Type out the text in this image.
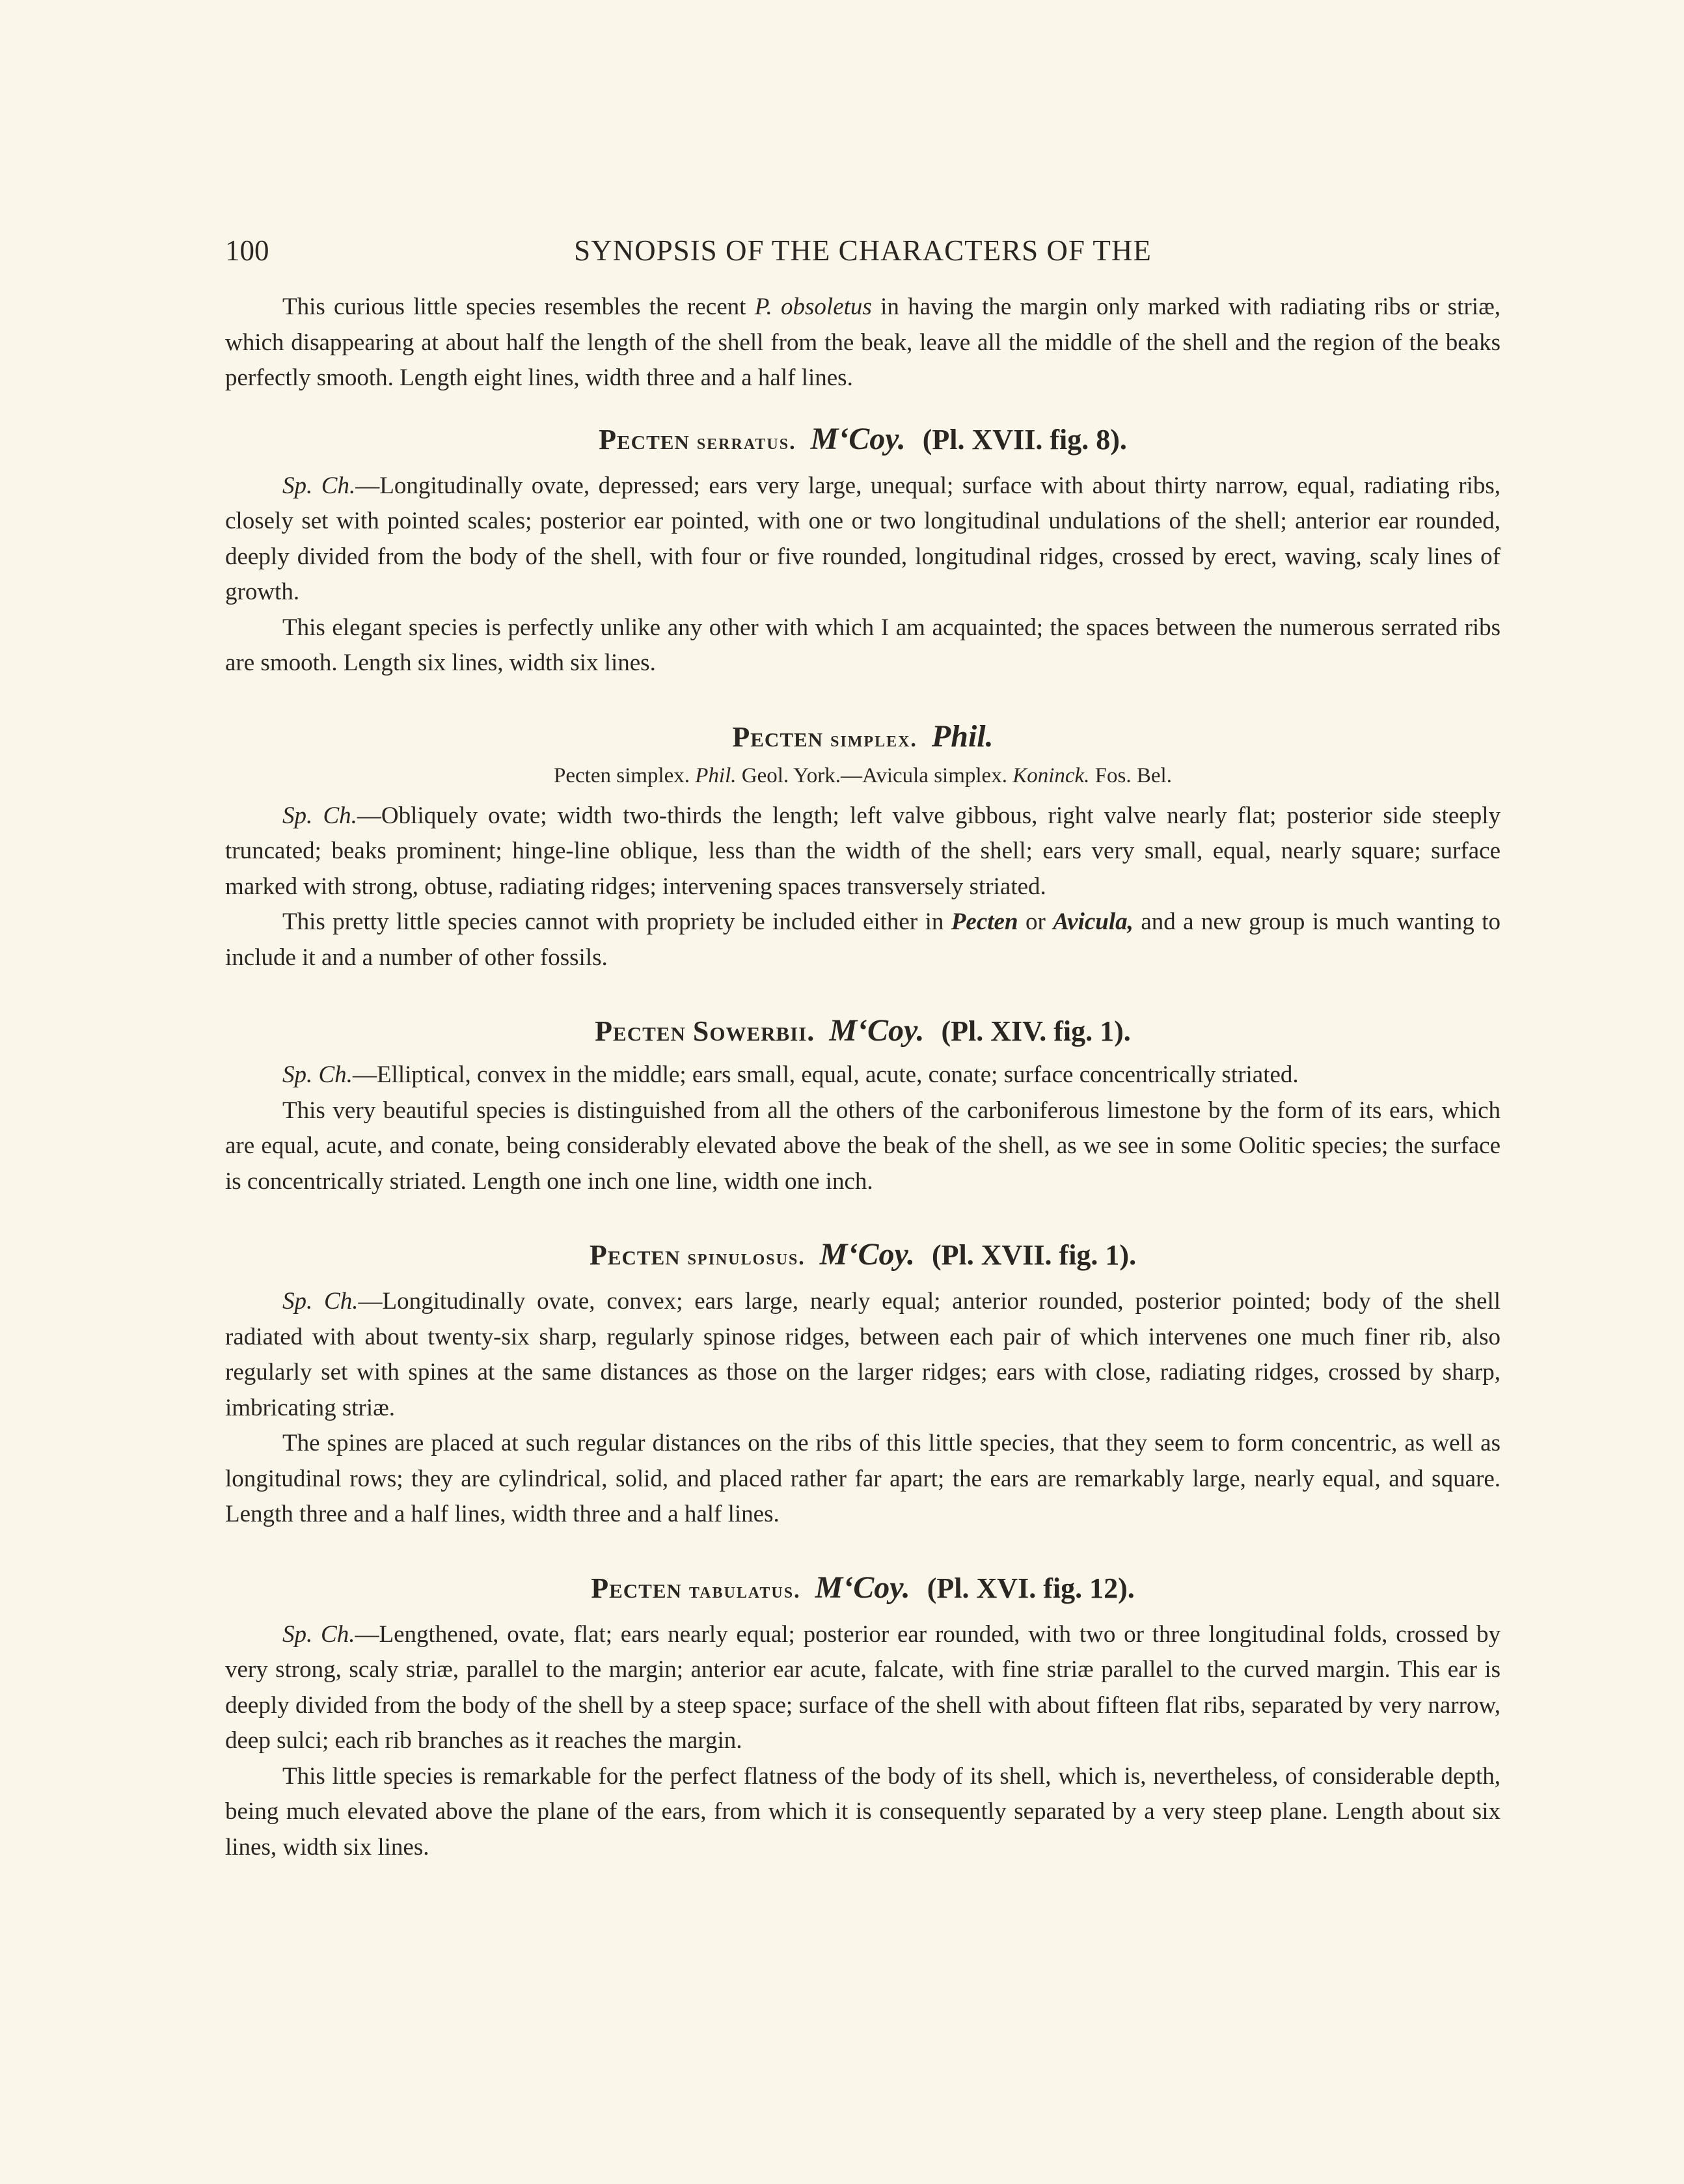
100	SYNOPSIS OF THE CHARACTERS OF THE

This curious little species resembles the recent P. obsoletus in having the margin only marked with radiating ribs or striæ, which disappearing at about half the length of the shell from the beak, leave all the middle of the shell and the region of the beaks perfectly smooth. Length eight lines, width three and a half lines.

Pecten serratus. M‘Coy. (Pl. XVII. fig. 8).

Sp. Ch.—Longitudinally ovate, depressed; ears very large, unequal; surface with about thirty narrow, equal, radiating ribs, closely set with pointed scales; posterior ear pointed, with one or two longitudinal undulations of the shell; anterior ear rounded, deeply divided from the body of the shell, with four or five rounded, longitudinal ridges, crossed by erect, waving, scaly lines of growth.

This elegant species is perfectly unlike any other with which I am acquainted; the spaces between the numerous serrated ribs are smooth. Length six lines, width six lines.

Pecten simplex. Phil.

Pecten simplex. Phil. Geol. York.—Avicula simplex. Koninck. Fos. Bel.

Sp. Ch.—Obliquely ovate; width two-thirds the length; left valve gibbous, right valve nearly flat; posterior side steeply truncated; beaks prominent; hinge-line oblique, less than the width of the shell; ears very small, equal, nearly square; surface marked with strong, obtuse, radiating ridges; intervening spaces transversely striated.

This pretty little species cannot with propriety be included either in Pecten or Avicula, and a new group is much wanting to include it and a number of other fossils.

Pecten Sowerbii. M‘Coy. (Pl. XIV. fig. 1).

Sp. Ch.—Elliptical, convex in the middle; ears small, equal, acute, conate; surface concentrically striated.

This very beautiful species is distinguished from all the others of the carboniferous limestone by the form of its ears, which are equal, acute, and conate, being considerably elevated above the beak of the shell, as we see in some Oolitic species; the surface is concentrically striated. Length one inch one line, width one inch.

Pecten spinulosus. M‘Coy. (Pl. XVII. fig. 1).

Sp. Ch.—Longitudinally ovate, convex; ears large, nearly equal; anterior rounded, posterior pointed; body of the shell radiated with about twenty-six sharp, regularly spinose ridges, between each pair of which intervenes one much finer rib, also regularly set with spines at the same distances as those on the larger ridges; ears with close, radiating ridges, crossed by sharp, imbricating striæ.

The spines are placed at such regular distances on the ribs of this little species, that they seem to form concentric, as well as longitudinal rows; they are cylindrical, solid, and placed rather far apart; the ears are remarkably large, nearly equal, and square. Length three and a half lines, width three and a half lines.

Pecten tabulatus. M‘Coy. (Pl. XVI. fig. 12).

Sp. Ch.—Lengthened, ovate, flat; ears nearly equal; posterior ear rounded, with two or three longitudinal folds, crossed by very strong, scaly striæ, parallel to the margin; anterior ear acute, falcate, with fine striæ parallel to the curved margin. This ear is deeply divided from the body of the shell by a steep space; surface of the shell with about fifteen flat ribs, separated by very narrow, deep sulci; each rib branches as it reaches the margin.

This little species is remarkable for the perfect flatness of the body of its shell, which is, nevertheless, of considerable depth, being much elevated above the plane of the ears, from which it is consequently separated by a very steep plane. Length about six lines, width six lines.
